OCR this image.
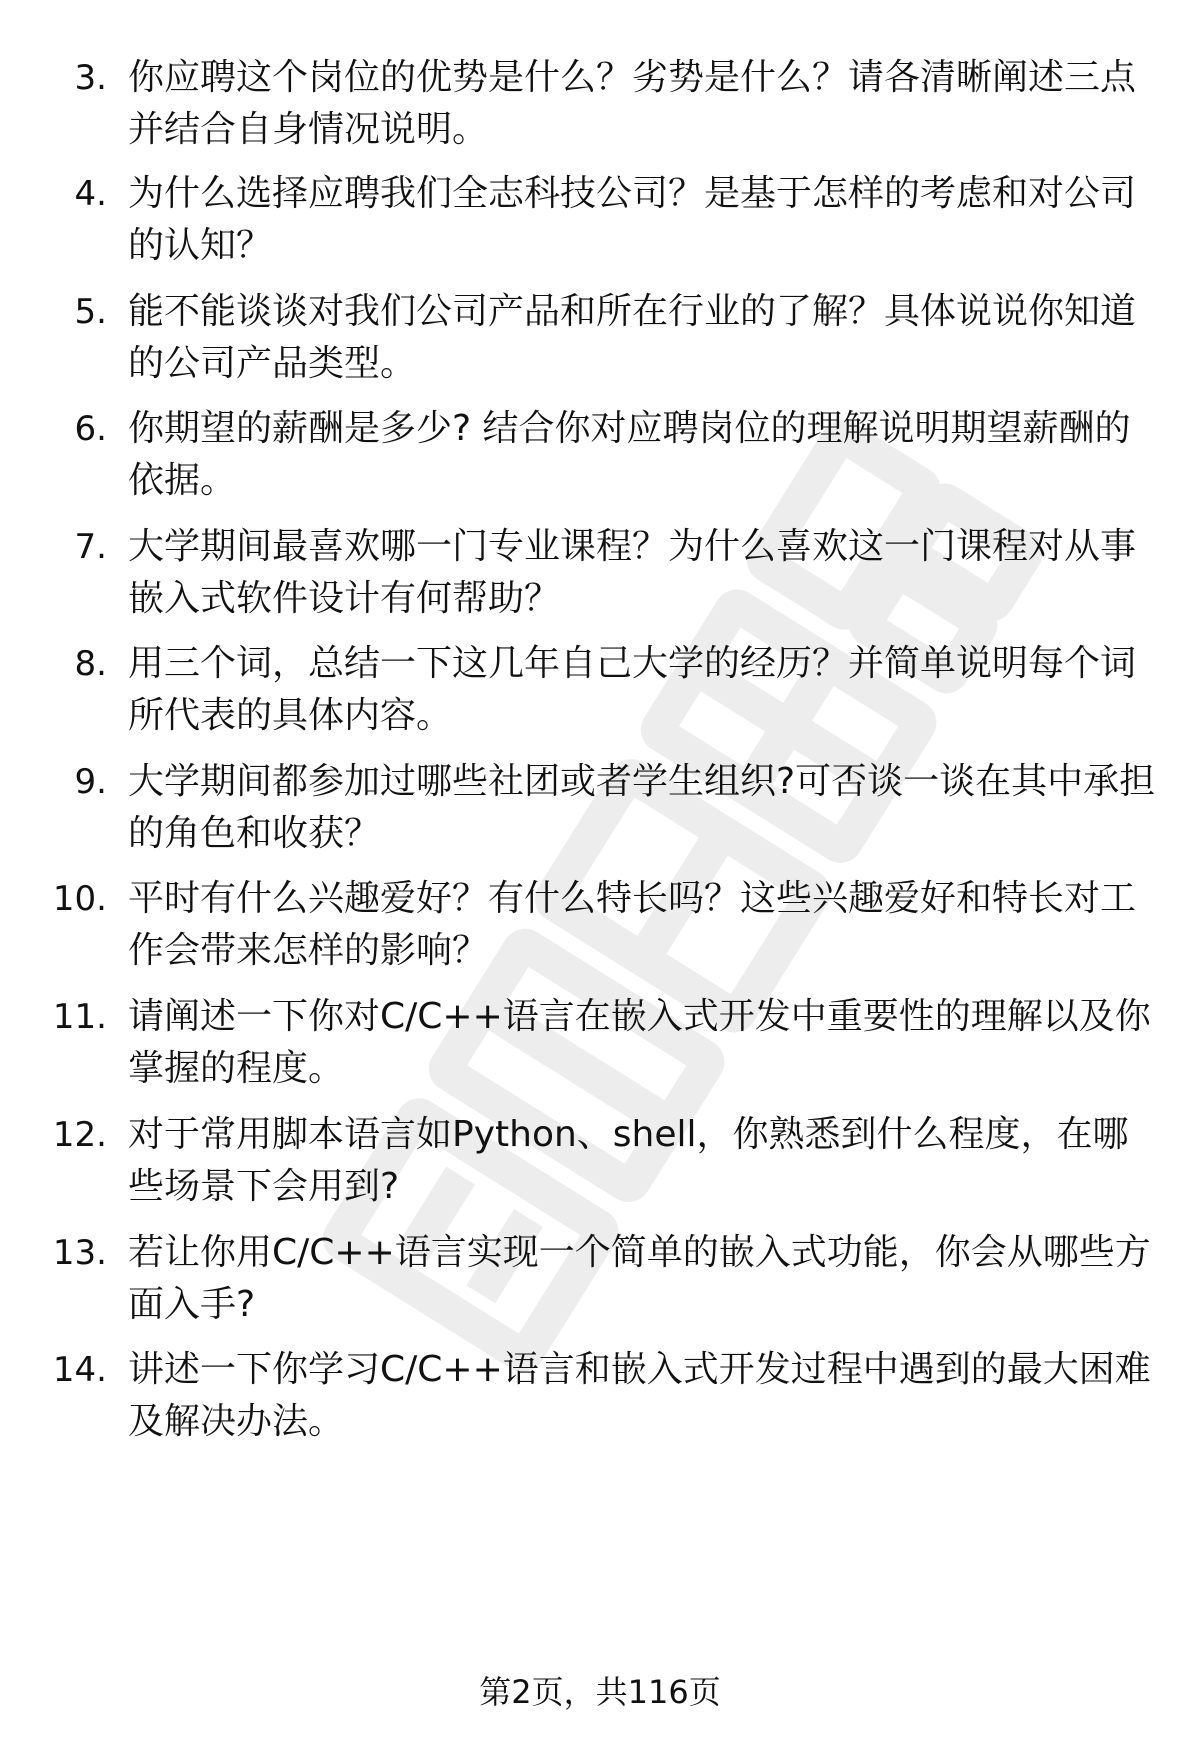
3. 你应聘这个岗位的优势是什么？劣势是什么？请各清晰阐述三点并结合自身情况说明。
4. 为什么选择应聘我们全志科技公司？是基于怎样的考虑和对公司的认知？
5. 能不能谈谈对我们公司产品和所在行业的了解？具体说说你知道的公司产品类型。
6. 你期望的薪酬是多少? 结合你对应聘岗位的理解说明期望薪酬的依据。
7. 大学期间最喜欢哪一门专业课程？为什么喜欢这一门课程对从事嵌入式软件设计有何帮助？
8. 用三个词，总结一下这几年自己大学的经历？并简单说明每个词所代表的具体内容。
9. 大学期间都参加过哪些社团或者学生组织?可否谈一谈在其中承担的角色和收获？
10. 平时有什么兴趣爱好？有什么特长吗？这些兴趣爱好和特长对工作会带来怎样的影响？
11. 请阐述一下你对C/C++语言在嵌入式开发中重要性的理解以及你掌握的程度。
12. 对于常用脚本语言如Python、shell，你熟悉到什么程度，在哪些场景下会用到?
13. 若让你用C/C++语言实现一个简单的嵌入式功能，你会从哪些方面入手?
14. 讲述一下你学习C/C++语言和嵌入式开发过程中遇到的最大困难及解决办法。
第2页，共116页
